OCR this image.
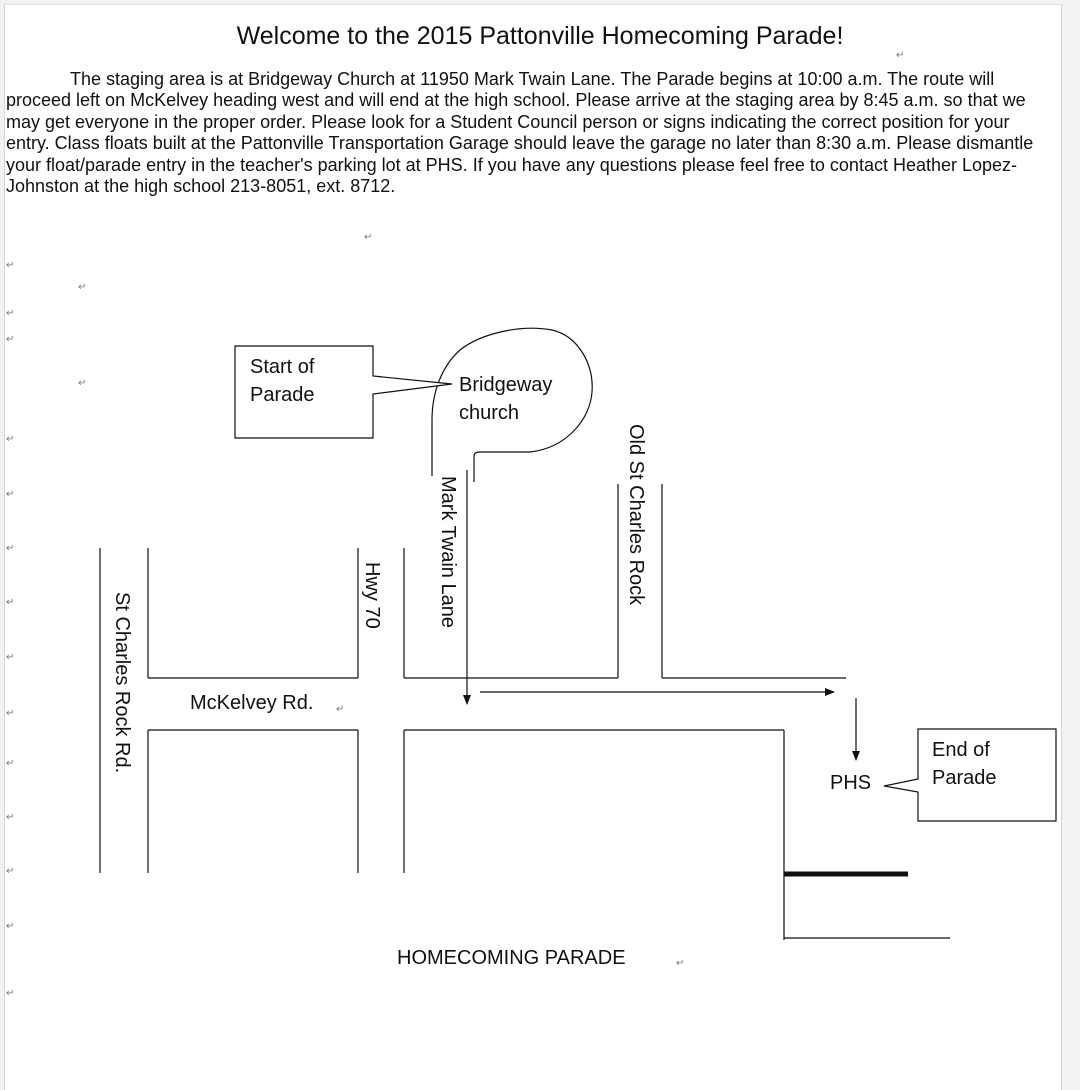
Welcome to the 2015 Pattonville Homecoming Parade!

The staging area is at Bridgeway Church at 11950 Mark Twain Lane. The Parade begins at 10:00 a.m. The route will proceed left on McKelvey heading west and will end at the high school. Please arrive at the staging area by 8:45 a.m. so that we may get everyone in the proper order. Please look for a Student Council person or signs indicating the correct position for your entry. Class floats built at the Pattonville Transportation Garage should leave the garage no later than 8:30 a.m. Please dismantle your float/parade entry in the teacher's parking lot at PHS. If you have any questions please feel free to contact Heather Lopez-Johnston at the high school 213-8051, ext. 8712.

↵
↵
↵
↵
↵
↵
↵
↵
↵
↵
↵
↵
↵
↵
↵
↵
↵
↵
St Charles Rock Rd.	McKelvey Rd. ↵
Hwy 70	Mark Twain Lane	Old St Charles Rock
Bridgeway
church
Start of
Parade
End of
Parade
PHS
HOMECOMING PARADE	↵
